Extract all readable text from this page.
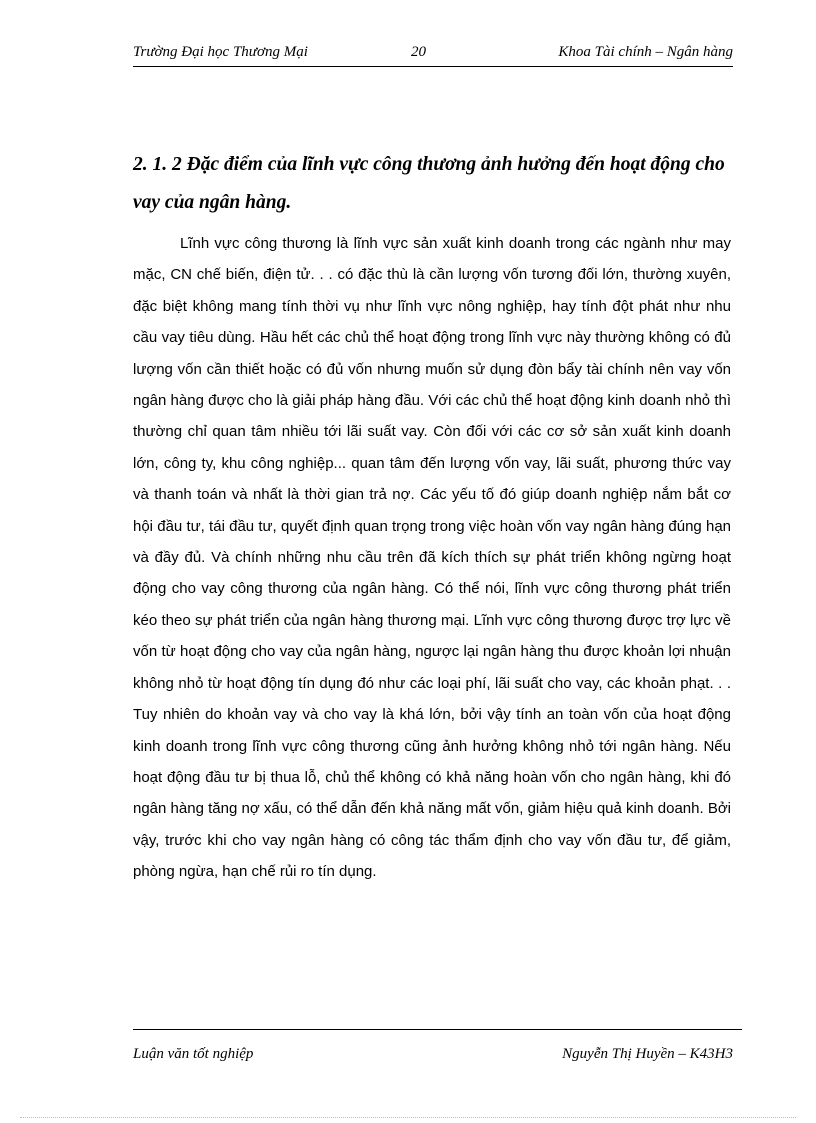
Trường Đại học Thương Mại	20	Khoa Tài chính – Ngân hàng
2. 1. 2 Đặc điểm của lĩnh vực công thương ảnh hưởng đến hoạt động cho vay của ngân hàng.

Lĩnh vực công thương là lĩnh vực sản xuất kinh doanh trong các ngành như may mặc, CN chế biến, điện tử. . . có đặc thù là cần lượng vốn tương đối lớn, thường xuyên, đặc biệt không mang tính thời vụ như lĩnh vực nông nghiệp, hay tính đột phát như nhu cầu vay tiêu dùng. Hầu hết các chủ thể hoạt động trong lĩnh vực này thường không có đủ lượng vốn cần thiết hoặc có đủ vốn nhưng muốn sử dụng đòn bẩy tài chính nên vay vốn ngân hàng được cho là giải pháp hàng đầu. Với các chủ thể hoạt động kinh doanh nhỏ thì thường chỉ quan tâm nhiều tới lãi suất vay. Còn đối với các cơ sở sản xuất kinh doanh lớn, công ty, khu công nghiệp... quan tâm đến lượng vốn vay, lãi suất, phương thức vay và thanh toán và nhất là thời gian trả nợ. Các yếu tố đó giúp doanh nghiệp nắm bắt cơ hội đầu tư, tái đầu tư, quyết định quan trọng trong việc hoàn vốn vay ngân hàng đúng hạn và đầy đủ. Và chính những nhu cầu trên đã kích thích sự phát triển không ngừng hoạt động cho vay công thương của ngân hàng. Có thể nói, lĩnh vực công thương phát triển kéo theo sự phát triển của ngân hàng thương mại. Lĩnh vực công thương được trợ lực về vốn từ hoạt động cho vay của ngân hàng, ngược lại ngân hàng thu được khoản lợi nhuận không nhỏ từ hoạt động tín dụng đó như các loại phí, lãi suất cho vay, các khoản phạt. . . Tuy nhiên do khoản vay và cho vay là khá lớn, bởi vậy tính an toàn vốn của hoạt động kinh doanh trong lĩnh vực công thương cũng ảnh hưởng không nhỏ tới ngân hàng. Nếu hoạt động đầu tư bị thua lỗ, chủ thể không có khả năng hoàn vốn cho ngân hàng, khi đó ngân hàng tăng nợ xấu, có thể dẫn đến khả năng mất vốn, giảm hiệu quả kinh doanh. Bởi vậy, trước khi cho vay ngân hàng có công tác thẩm định cho vay vốn đầu tư, để giảm, phòng ngừa, hạn chế rủi ro tín dụng.

Luận văn tốt nghiệp	Nguyễn Thị Huyền – K43H3
